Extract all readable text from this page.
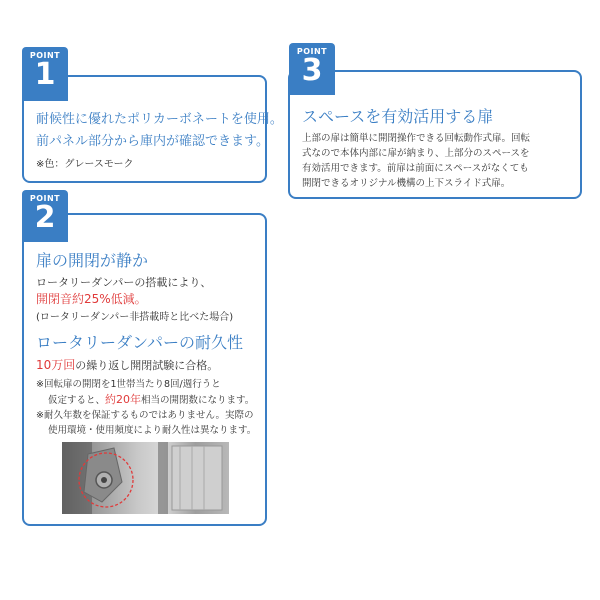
POINT
1
耐候性に優れたポリカーボネートを使用。
前パネル部分から庫内が確認できます。
※色：グレースモーク
POINT
3
スペースを有効活用する扉
上部の扉は簡単に開閉操作できる回転動作式扉。回転
式なので本体内部に扉が納まり、上部分のスペースを
有効活用できます。前扉は前面にスペースがなくても
開閉できるオリジナル機構の上下スライド式扉。
POINT
2
扉の開閉が静か
ロータリーダンパーの搭載により、
開閉音約25%低減。
(ロータリーダンパー非搭載時と比べた場合)
ロータリーダンパーの耐久性
10万回の繰り返し開閉試験に合格。
※回転扉の開閉を1世帯当たり8回/週行うと
仮定すると、約20年相当の開閉数になります。
※耐久年数を保証するものではありません。実際の
使用環境・使用頻度により耐久性は異なります。
